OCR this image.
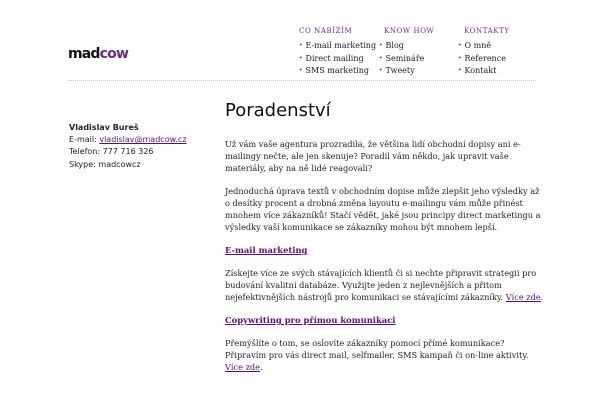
madcow
CO NABÍZÍM
• E-mail marketing
• Direct mailing
• SMS marketing
KNOW HOW
• Blog
• Semináře
• Tweety
KONTAKTY
• O mně
• Reference
• Kontakt
Vladislav Bureš
E-mail: vladislav@madcow.cz
Telefon: 777 716 326
Skype: madcowcz
Poradenství

Už vám vaše agentura prozradila, že většina lidí obchodní dopisy ani e-mailingy nečte, ale jen skenuje? Poradil vám někdo, jak upravit vaše materiály, aby na ně lidé reagovali?

Jednoduchá úprava textů v obchodním dopise může zlepšit jeho výsledky až o desítky procent a drobná změna layoutu e-mailingu vám může přinést mnohem více zákazníků! Stačí vědět, jaké jsou principy direct marketingu a výsledky vaší komunikace se zákazníky mohou být mnohem lepší.

E-mail marketing

Získejte více ze svých stávajících klientů či si nechte připravit strategii pro budování kvalitní databáze. Využijte jeden z nejlevnějších a přitom nejefektivnějších nástrojů pro komunikaci se stávajícími zákazníky. Více zde.

Copywriting pro přímou komunikaci

Přemýšlíte o tom, se oslovíte zákazníky pomocí přímé komunikace? Připravím pro vás direct mail, selfmailer, SMS kampaň či on-line aktivity. Více zde.
